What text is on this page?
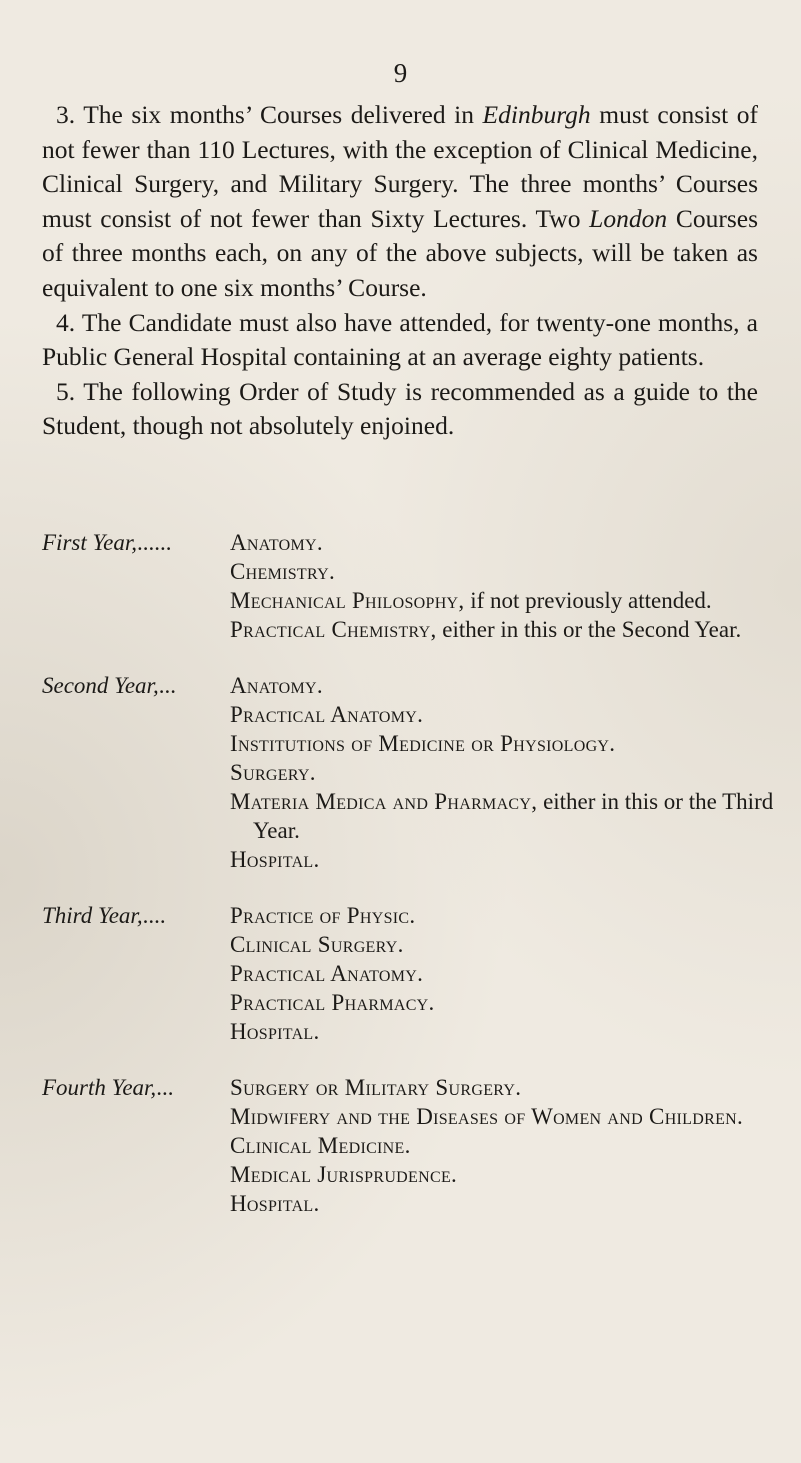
9

3. The six months’ Courses delivered in Edinburgh must consist of not fewer than 110 Lectures, with the exception of Clinical Medicine, Clinical Surgery, and Military Surgery. The three months’ Courses must consist of not fewer than Sixty Lectures. Two London Courses of three months each, on any of the above subjects, will be taken as equivalent to one six months’ Course.

4. The Candidate must also have attended, for twenty-one months, a Public General Hospital containing at an average eighty patients.

5. The following Order of Study is recommended as a guide to the Student, though not absolutely enjoined.

First Year,......	Anatomy.
Chemistry.
Mechanical Philosophy, if not previously attended.
Practical Chemistry, either in this or the Second Year.
Second Year,... Anatomy.
Practical Anatomy.
Institutions of Medicine or Physiology.
Surgery.
Materia Medica and Pharmacy, either in this or the Third Year.
Hospital.
Third Year,....	Practice of Physic.
Clinical Surgery.
Practical Anatomy.
Practical Pharmacy.
Hospital.
Fourth Year,... Surgery or Military Surgery.
Midwifery and the Diseases of Women and Children.
Clinical Medicine.
Medical Jurisprudence.
Hospital.
